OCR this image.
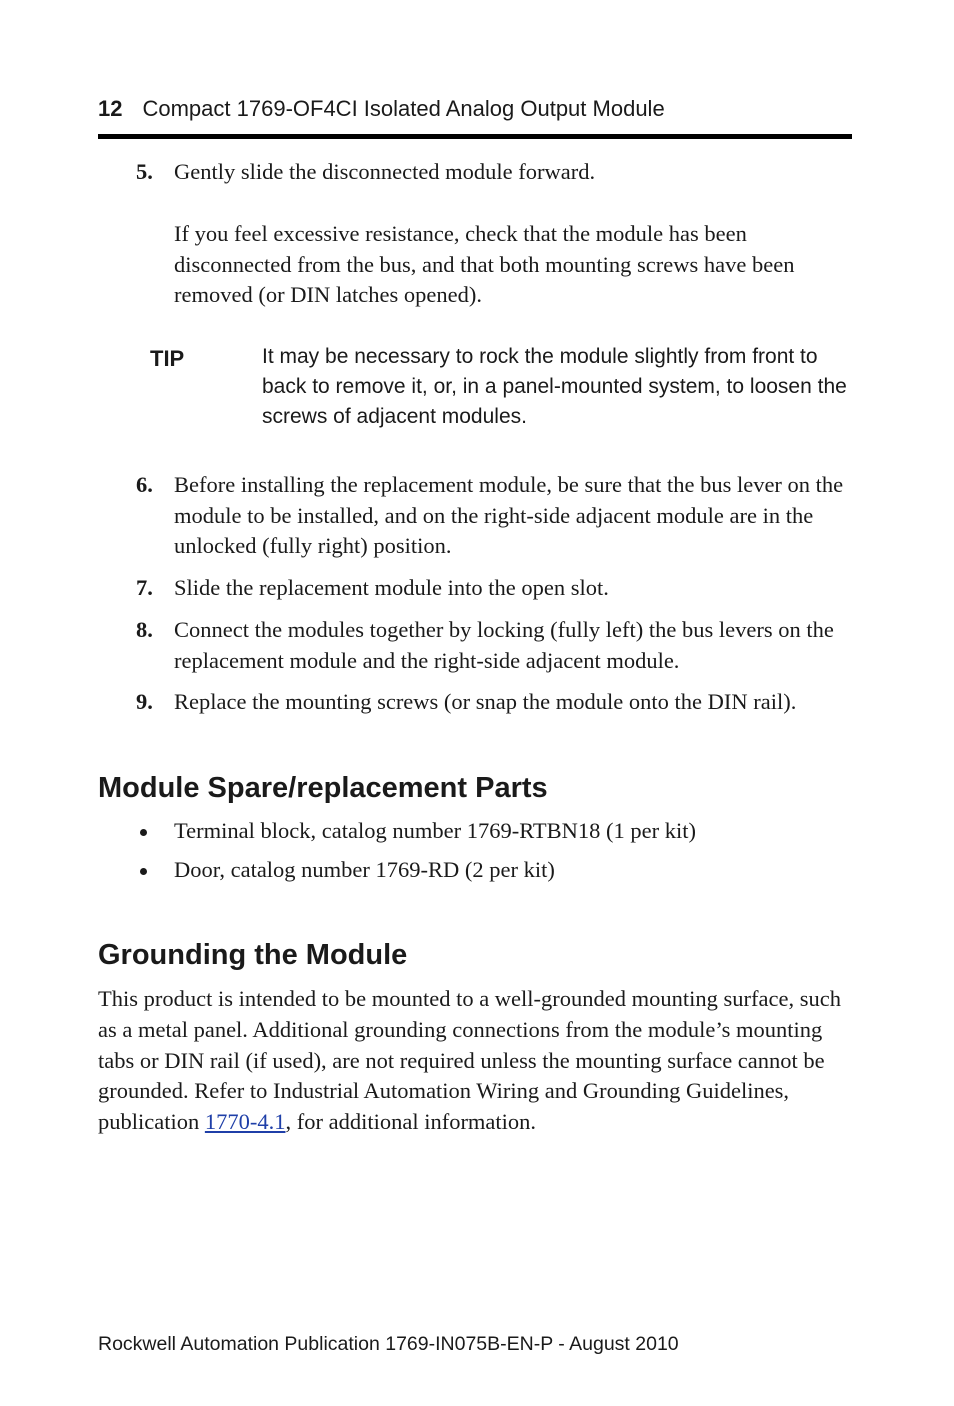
12 Compact 1769-OF4CI Isolated Analog Output Module
5. Gently slide the disconnected module forward.
If you feel excessive resistance, check that the module has been disconnected from the bus, and that both mounting screws have been removed (or DIN latches opened).
TIP	It may be necessary to rock the module slightly from front to back to remove it, or, in a panel-mounted system, to loosen the screws of adjacent modules.
6. Before installing the replacement module, be sure that the bus lever on the module to be installed, and on the right-side adjacent module are in the unlocked (fully right) position.
7. Slide the replacement module into the open slot.
8. Connect the modules together by locking (fully left) the bus levers on the replacement module and the right-side adjacent module.
9. Replace the mounting screws (or snap the module onto the DIN rail).
Module Spare/replacement Parts
Terminal block, catalog number 1769-RTBN18 (1 per kit)
Door, catalog number 1769-RD (2 per kit)
Grounding the Module
This product is intended to be mounted to a well-grounded mounting surface, such as a metal panel. Additional grounding connections from the module’s mounting tabs or DIN rail (if used), are not required unless the mounting surface cannot be grounded. Refer to Industrial Automation Wiring and Grounding Guidelines, publication 1770-4.1, for additional information.
Rockwell Automation Publication 1769-IN075B-EN-P - August 2010
